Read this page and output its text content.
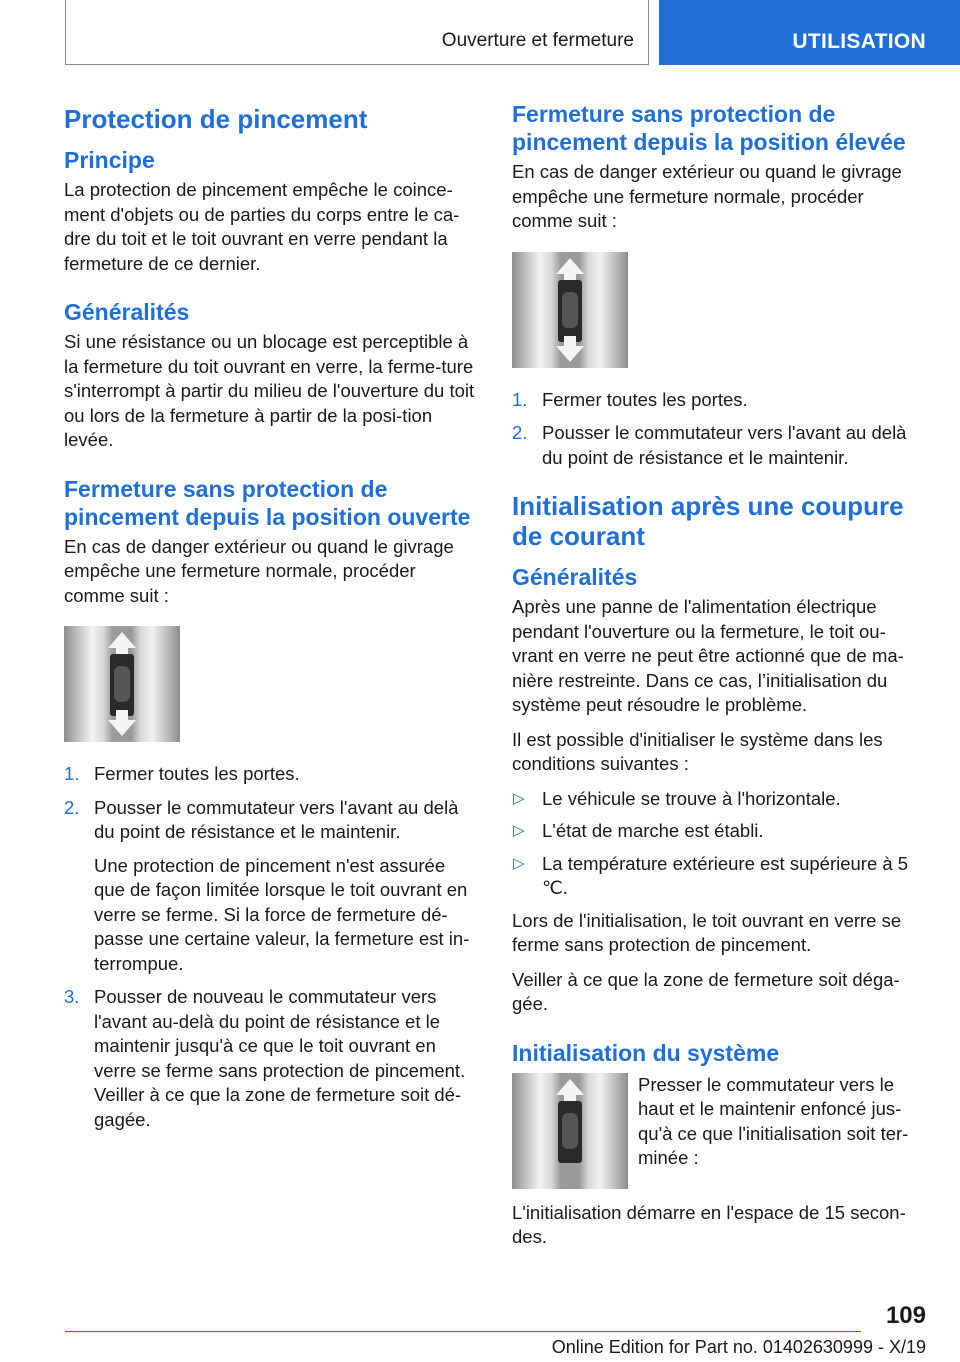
Ouverture et fermeture	UTILISATION
Protection de pincement
Principe

La protection de pincement empêche le coince-ment d'objets ou de parties du corps entre le ca-dre du toit et le toit ouvrant en verre pendant la fermeture de ce dernier.

Généralités

Si une résistance ou un blocage est perceptible à la fermeture du toit ouvrant en verre, la ferme-ture s'interrompt à partir du milieu de l'ouverture du toit ou lors de la fermeture à partir de la posi-tion levée.

Fermeture sans protection de pincement depuis la position ouverte

En cas de danger extérieur ou quand le givrage empêche une fermeture normale, procéder comme suit :

1. Fermer toutes les portes.
2. Pousser le commutateur vers l'avant au delà du point de résistance et le maintenir.
Une protection de pincement n'est assurée que de façon limitée lorsque le toit ouvrant en verre se ferme. Si la force de fermeture dé-passe une certaine valeur, la fermeture est in-terrompue.
3. Pousser de nouveau le commutateur vers l'avant au-delà du point de résistance et le maintenir jusqu'à ce que le toit ouvrant en verre se ferme sans protection de pincement. Veiller à ce que la zone de fermeture soit dé-gagée.
Fermeture sans protection de pincement depuis la position élevée

En cas de danger extérieur ou quand le givrage empêche une fermeture normale, procéder comme suit :

1. Fermer toutes les portes.
2. Pousser le commutateur vers l'avant au delà du point de résistance et le maintenir.
Initialisation après une coupure de courant
Généralités

Après une panne de l'alimentation électrique pendant l'ouverture ou la fermeture, le toit ou-vrant en verre ne peut être actionné que de ma-nière restreinte. Dans ce cas, l’initialisation du système peut résoudre le problème.

Il est possible d'initialiser le système dans les conditions suivantes :

▷ Le véhicule se trouve à l'horizontale.
▷ L'état de marche est établi.
▷ La température extérieure est supérieure à 5 ℃.

Lors de l'initialisation, le toit ouvrant en verre se ferme sans protection de pincement.

Veiller à ce que la zone de fermeture soit déga-gée.

Initialisation du système

Presser le commutateur vers le haut et le maintenir enfoncé jus-qu'à ce que l'initialisation soit ter-minée :

L'initialisation démarre en l'espace de 15 secon-des.

109
Online Edition for Part no. 01402630999 - X/19
